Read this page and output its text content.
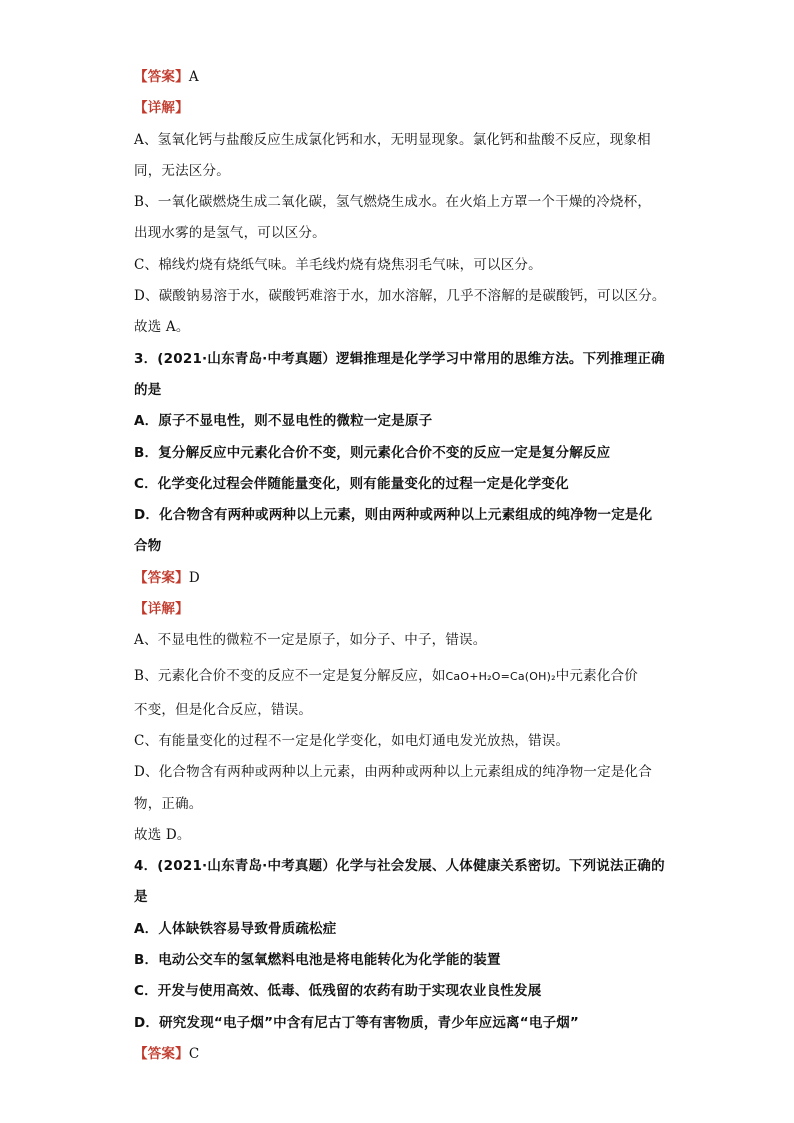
【答案】A
【详解】
A、氢氧化钙与盐酸反应生成氯化钙和水，无明显现象。氯化钙和盐酸不反应，现象相
同，无法区分。
B、一氧化碳燃烧生成二氧化碳，氢气燃烧生成水。在火焰上方罩一个干燥的冷烧杯，
出现水雾的是氢气，可以区分。
C、棉线灼烧有烧纸气味。羊毛线灼烧有烧焦羽毛气味，可以区分。
D、碳酸钠易溶于水，碳酸钙难溶于水，加水溶解，几乎不溶解的是碳酸钙，可以区分。
故选 A。
3．(2021·山东青岛·中考真题）逻辑推理是化学学习中常用的思维方法。下列推理正确
的是
A．原子不显电性，则不显电性的微粒一定是原子
B．复分解反应中元素化合价不变，则元素化合价不变的反应一定是复分解反应
C．化学变化过程会伴随能量变化，则有能量变化的过程一定是化学变化
D．化合物含有两种或两种以上元素，则由两种或两种以上元素组成的纯净物一定是化
合物
【答案】D
【详解】
A、不显电性的微粒不一定是原子，如分子、中子，错误。
B、元素化合价不变的反应不一定是复分解反应，如CaO+H₂O=Ca(OH)₂中元素化合价
不变，但是化合反应，错误。
C、有能量变化的过程不一定是化学变化，如电灯通电发光放热，错误。
D、化合物含有两种或两种以上元素，由两种或两种以上元素组成的纯净物一定是化合
物，正确。
故选 D。
4．(2021·山东青岛·中考真题）化学与社会发展、人体健康关系密切。下列说法正确的
是
A．人体缺铁容易导致骨质疏松症
B．电动公交车的氢氧燃料电池是将电能转化为化学能的装置
C．开发与使用高效、低毒、低残留的农药有助于实现农业良性发展
D．研究发现“电子烟”中含有尼古丁等有害物质，青少年应远离“电子烟”
【答案】C
